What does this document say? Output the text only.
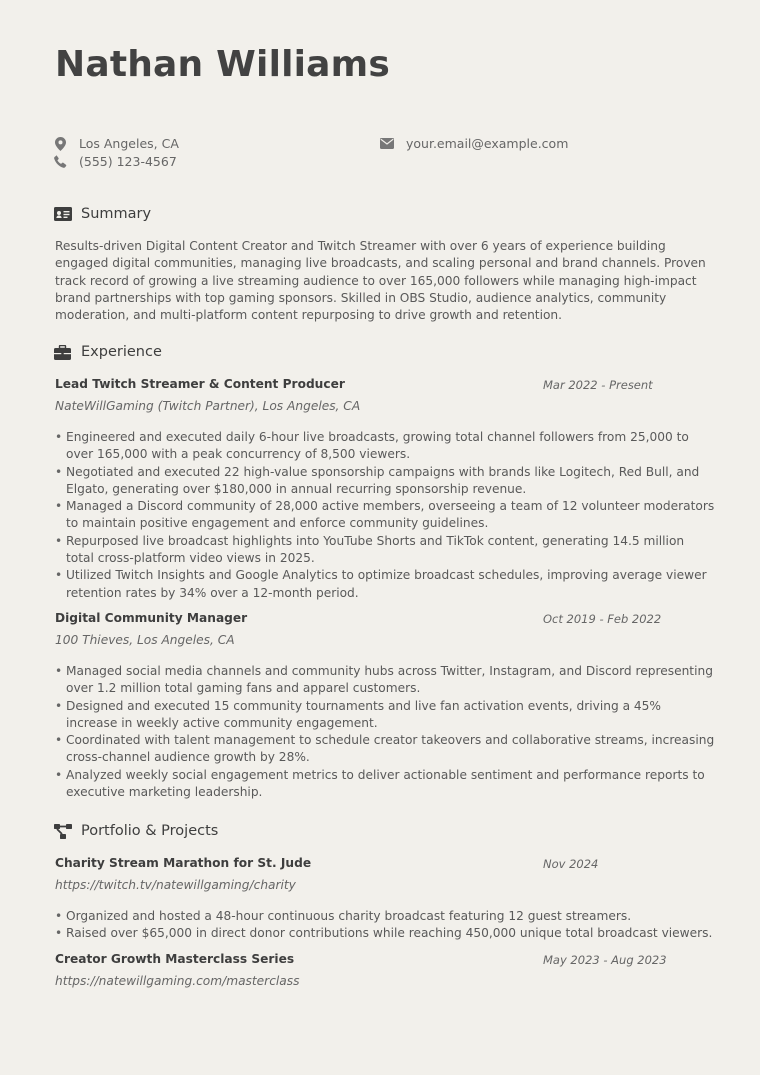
Nathan Williams
Los Angeles, CA
(555) 123-4567
your.email@example.com
Summary

Results-driven Digital Content Creator and Twitch Streamer with over 6 years of experience building engaged digital communities, managing live broadcasts, and scaling personal and brand channels. Proven track record of growing a live streaming audience to over 165,000 followers while managing high-impact brand partnerships with top gaming sponsors. Skilled in OBS Studio, audience analytics, community moderation, and multi-platform content repurposing to drive growth and retention.

Experience
Lead Twitch Streamer & Content Producer	Mar 2022 - Present
NateWillGaming (Twitch Partner), Los Angeles, CA
• Engineered and executed daily 6-hour live broadcasts, growing total channel followers from 25,000 to over 165,000 with a peak concurrency of 8,500 viewers.
• Negotiated and executed 22 high-value sponsorship campaigns with brands like Logitech, Red Bull, and Elgato, generating over $180,000 in annual recurring sponsorship revenue.
• Managed a Discord community of 28,000 active members, overseeing a team of 12 volunteer moderators to maintain positive engagement and enforce community guidelines.
• Repurposed live broadcast highlights into YouTube Shorts and TikTok content, generating 14.5 million total cross-platform video views in 2025.
• Utilized Twitch Insights and Google Analytics to optimize broadcast schedules, improving average viewer retention rates by 34% over a 12-month period.
Digital Community Manager	Oct 2019 - Feb 2022
100 Thieves, Los Angeles, CA
• Managed social media channels and community hubs across Twitter, Instagram, and Discord representing over 1.2 million total gaming fans and apparel customers.
• Designed and executed 15 community tournaments and live fan activation events, driving a 45% increase in weekly active community engagement.
• Coordinated with talent management to schedule creator takeovers and collaborative streams, increasing cross-channel audience growth by 28%.
• Analyzed weekly social engagement metrics to deliver actionable sentiment and performance reports to executive marketing leadership.
Portfolio & Projects
Charity Stream Marathon for St. Jude	Nov 2024
https://twitch.tv/natewillgaming/charity
• Organized and hosted a 48-hour continuous charity broadcast featuring 12 guest streamers.
• Raised over $65,000 in direct donor contributions while reaching 450,000 unique total broadcast viewers.
Creator Growth Masterclass Series	May 2023 - Aug 2023
https://natewillgaming.com/masterclass
